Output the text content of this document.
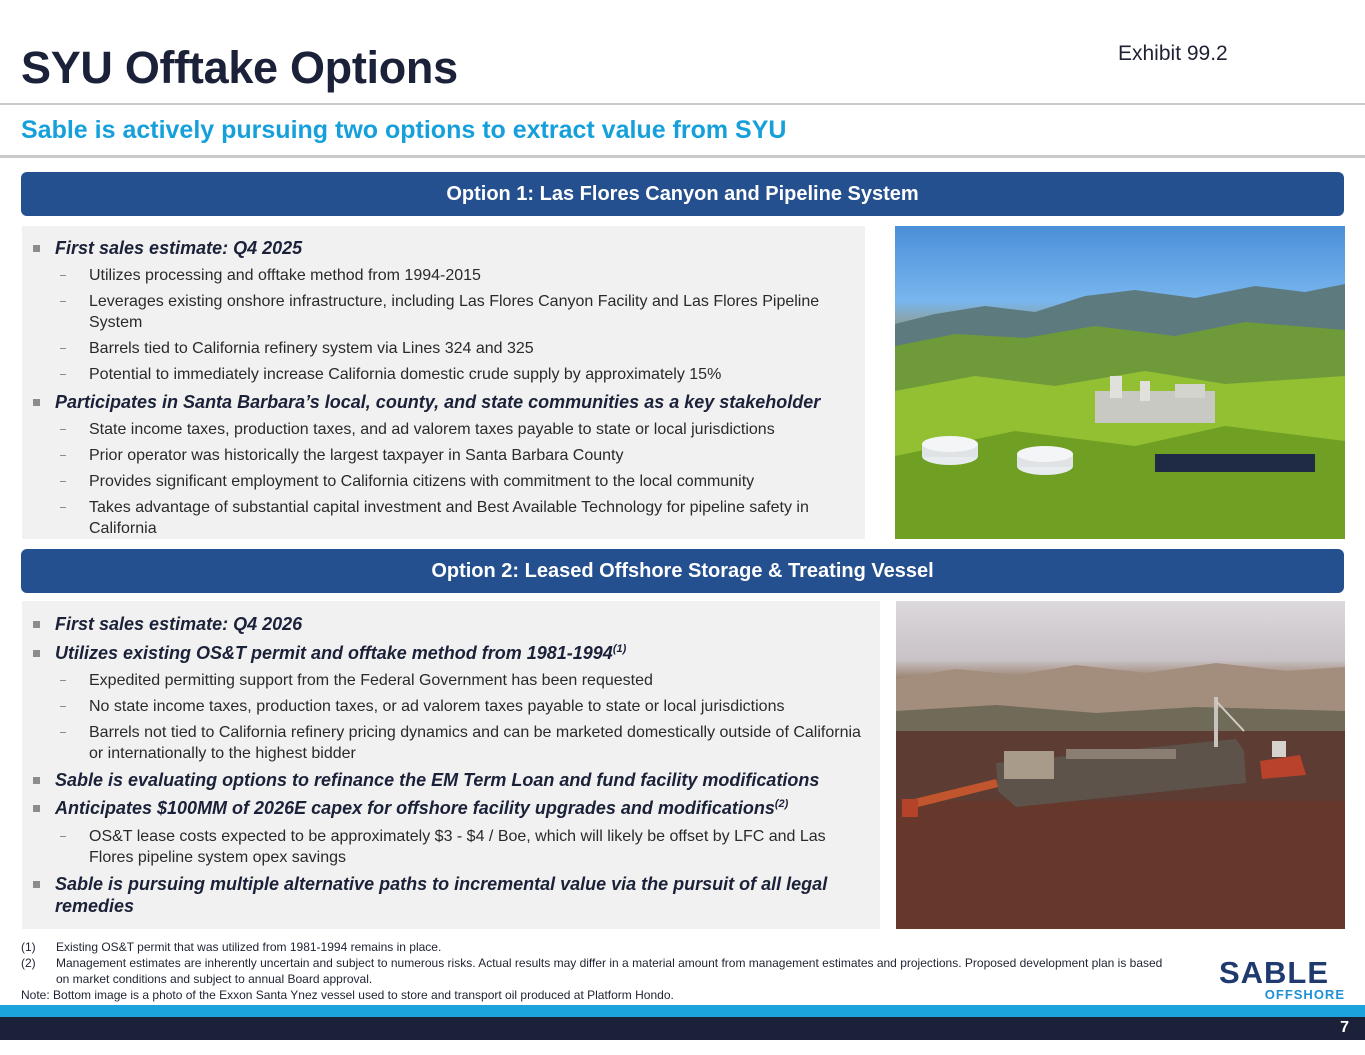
SYU Offtake Options	Exhibit 99.2
Sable is actively pursuing two options to extract value from SYU
Option 1: Las Flores Canyon and Pipeline System
First sales estimate: Q4 2025
Utilizes processing and offtake method from 1994-2015
Leverages existing onshore infrastructure, including Las Flores Canyon Facility and Las Flores Pipeline System
Barrels tied to California refinery system via Lines 324 and 325
Potential to immediately increase California domestic crude supply by approximately 15%
Participates in Santa Barbara’s local, county, and state communities as a key stakeholder
State income taxes, production taxes, and ad valorem taxes payable to state or local jurisdictions
Prior operator was historically the largest taxpayer in Santa Barbara County
Provides significant employment to California citizens with commitment to the local community
Takes advantage of substantial capital investment and Best Available Technology for pipeline safety in California
Option 2: Leased Offshore Storage & Treating Vessel
First sales estimate: Q4 2026
Utilizes existing OS&T permit and offtake method from 1981-1994$^{(1)}$
Expedited permitting support from the Federal Government has been requested
No state income taxes, production taxes, or ad valorem taxes payable to state or local jurisdictions
Barrels not tied to California refinery pricing dynamics and can be marketed domestically outside of California or internationally to the highest bidder
Sable is evaluating options to refinance the EM Term Loan and fund facility modifications
Anticipates $100MM of 2026E capex for offshore facility upgrades and modifications$^{(2)}$
OS&T lease costs expected to be approximately $3 - $4 / Boe, which will likely be offset by LFC and Las Flores pipeline system opex savings
Sable is pursuing multiple alternative paths to incremental value via the pursuit of all legal remedies
(1) Existing OS&T permit that was utilized from 1981-1994 remains in place.
(2) Management estimates are inherently uncertain and subject to numerous risks. Actual results may differ in a material amount from management estimates and projections. Proposed development plan is based on market conditions and subject to annual Board approval.
Note: Bottom image is a photo of the Exxon Santa Ynez vessel used to store and transport oil produced at Platform Hondo.
SABLE
OFFSHORE
7
